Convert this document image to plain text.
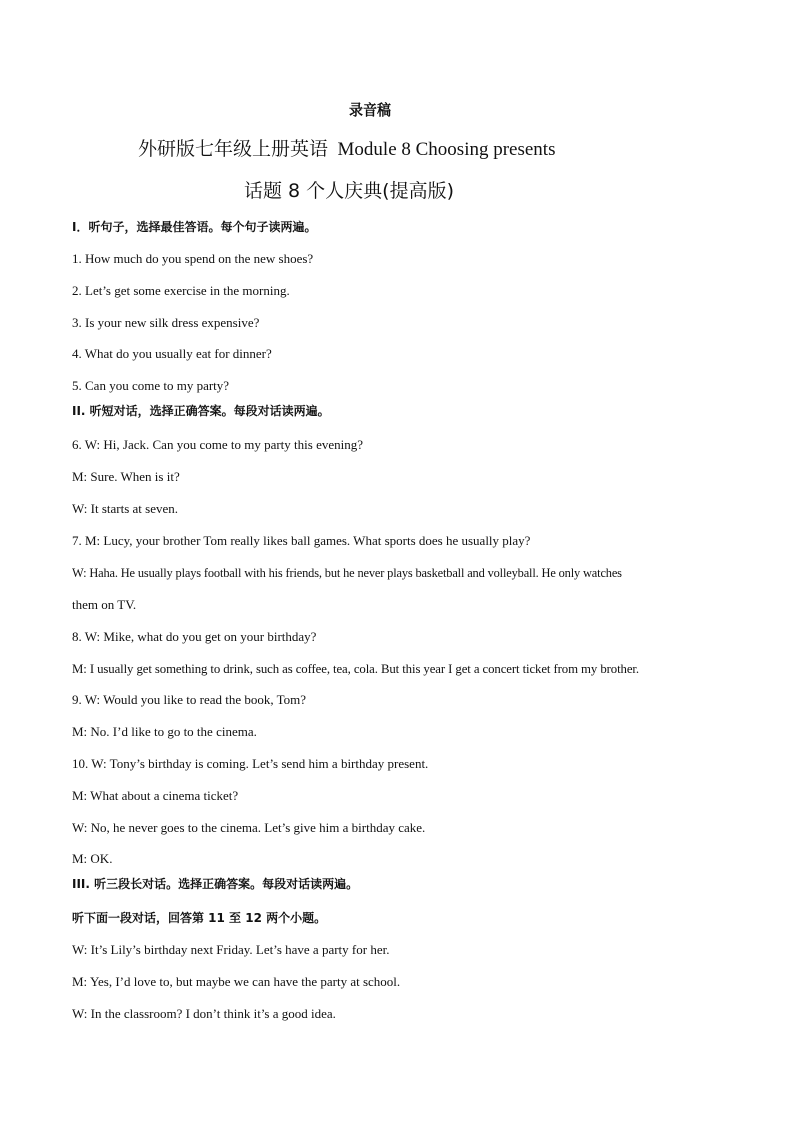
录音稿
外研版七年级上册英语 Module 8 Choosing presents
话题 8 个人庆典(提高版)
Ⅰ．听句子，选择最佳答语。每个句子读两遍。
1. How much do you spend on the new shoes?
2. Let’s get some exercise in the morning.
3. Is your new silk dress expensive?
4. What do you usually eat for dinner?
5. Can you come to my party?
II. 听短对话，选择正确答案。每段对话读两遍。
6. W: Hi, Jack. Can you come to my party this evening?
M: Sure. When is it?
W: It starts at seven.
7. M: Lucy, your brother Tom really likes ball games. What sports does he usually play?
W: Haha. He usually plays football with his friends, but he never plays basketball and volleyball. He only watches
them on TV.
8. W: Mike, what do you get on your birthday?
M: I usually get something to drink, such as coffee, tea, cola. But this year I get a concert ticket from my brother.
9. W: Would you like to read the book, Tom?
M: No. I’d like to go to the cinema.
10. W: Tony’s birthday is coming. Let’s send him a birthday present.
M: What about a cinema ticket?
W: No, he never goes to the cinema. Let’s give him a birthday cake.
M: OK.
III. 听三段长对话。选择正确答案。每段对话读两遍。
听下面一段对话，回答第 11 至 12 两个小题。
W: It’s Lily’s birthday next Friday. Let’s have a party for her.
M: Yes, I’d love to, but maybe we can have the party at school.
W: In the classroom? I don’t think it’s a good idea.
